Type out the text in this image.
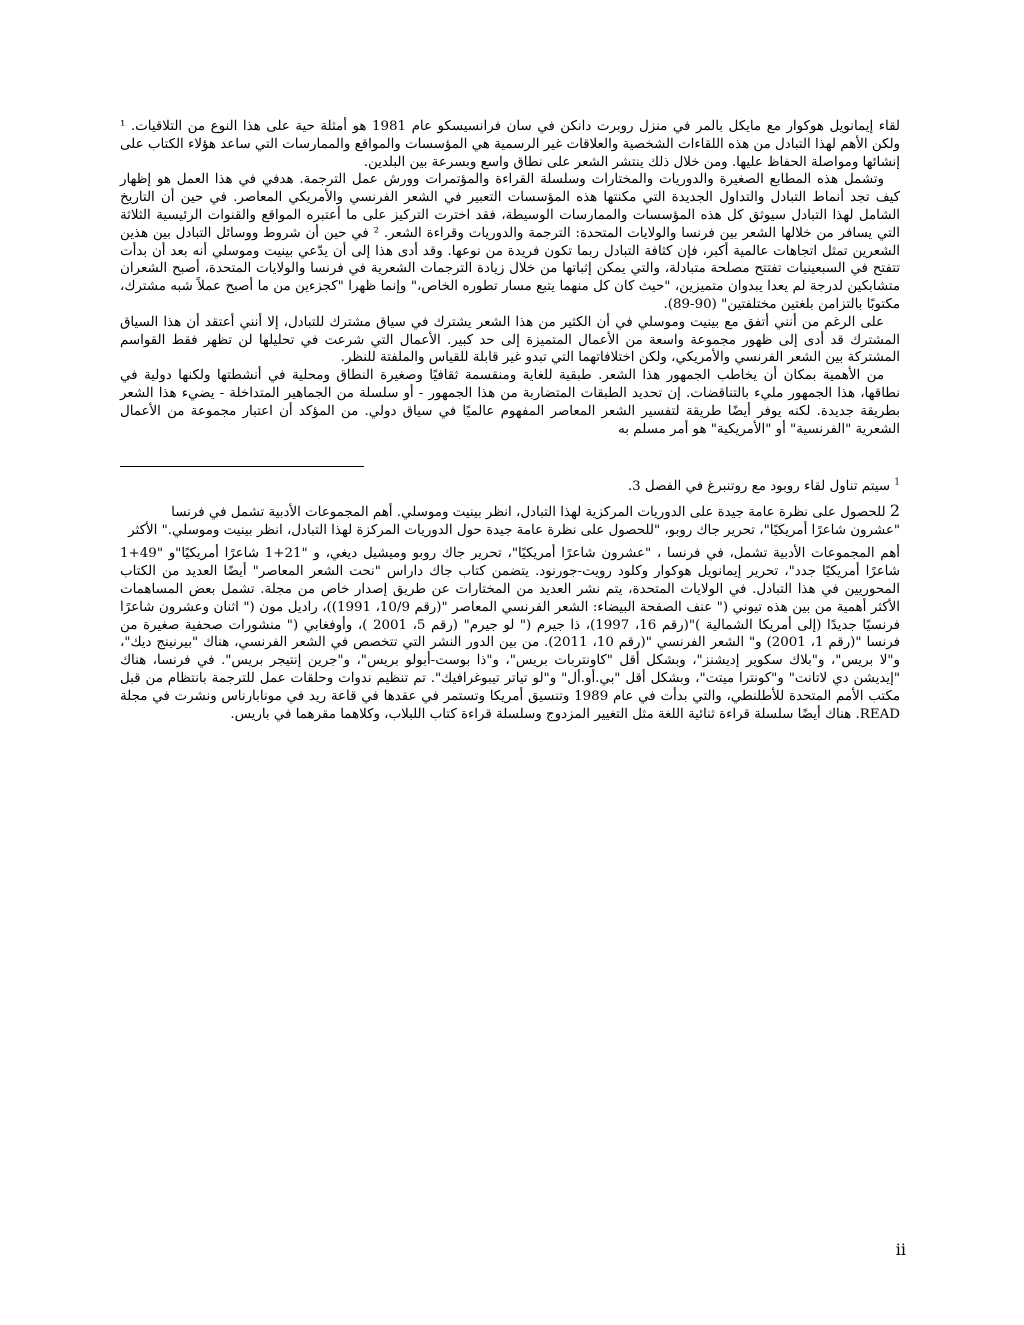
لقاء إيمانويل هوكوار مع مايكل بالمر في منزل روبرت دانكن في سان فرانسيسكو عام 1981 هو أمثلة حية على هذا النوع من التلاقيات. ¹ ولكن الأهم لهذا التبادل من هذه اللقاءات الشخصية والعلاقات غير الرسمية هي المؤسسات والمواقع والممارسات التي ساعد هؤلاء الكتاب على إنشائها ومواصلة الحفاظ عليها. ومن خلال ذلك ينتشر الشعر على نطاق واسع وبسرعة بين البلدين.

وتشمل هذه المطابع الصغيرة والدوريات والمختارات وسلسلة القراءة والمؤتمرات وورش عمل الترجمة. هدفي في هذا العمل هو إظهار كيف تجد أنماط التبادل والتداول الجديدة التي مكنتها هذه المؤسسات التعبير في الشعر الفرنسي والأمريكي المعاصر. في حين أن التاريخ الشامل لهذا التبادل سيوثق كل هذه المؤسسات والممارسات الوسيطة، فقد اخترت التركيز على ما أعتبره المواقع والقنوات الرئيسية الثلاثة التي يسافر من خلالها الشعر بين فرنسا والولايات المتحدة: الترجمة والدوريات وقراءة الشعر. ² في حين أن شروط ووسائل التبادل بين هذين الشعرين تمثل اتجاهات عالمية أكبر، فإن كثافة التبادل ربما تكون فريدة من نوعها. وقد أدى هذا إلى أن يدّعي بينيت وموسلي أنه بعد أن بدأت تتفتح في السبعينيات تفتتح مصلحة متبادلة، والتي يمكن إثباتها من خلال زيادة الترجمات الشعرية في فرنسا والولايات المتحدة، أصبح الشعران متشابكين لدرجة لم يعدا يبدوان متميزين، "حيث كان كل منهما يتبع مسار تطوره الخاص،" وإنما ظهرا "كجزءين من ما أصبح عملاً شبه مشترك، مكتوبًا بالتزامن بلغتين مختلفتين" (90-89).

على الرغم من أنني أتفق مع بينيت وموسلي في أن الكثير من هذا الشعر يشترك في سياق مشترك للتبادل، إلا أنني أعتقد أن هذا السياق المشترك قد أدى إلى ظهور مجموعة واسعة من الأعمال المتميزة إلى حد كبير. الأعمال التي شرعت في تحليلها لن تظهر فقط القواسم المشتركة بين الشعر الفرنسي والأمريكي، ولكن اختلافاتهما التي تبدو غير قابلة للقياس والملفتة للنظر.

من الأهمية بمكان أن يخاطب الجمهور هذا الشعر. طبقية للغاية ومنقسمة ثقافيًا وصغيرة النطاق ومحلية في أنشطتها ولكنها دولية في نطاقها، هذا الجمهور مليء بالتناقضات. إن تحديد الطبقات المتضاربة من هذا الجمهور - أو سلسلة من الجماهير المتداخلة - يضيء هذا الشعر بطريقة جديدة. لكنه يوفر أيضًا طريقة لتفسير الشعر المعاصر المفهوم عالميًا في سياق دولي. من المؤكد أن اعتبار مجموعة من الأعمال الشعرية "الفرنسية" أو "الأمريكية" هو أمر مسلم به

$^1$ سيتم تناول لقاء روبود مع روتنبرغ في الفصل 3.

2 للحصول على نظرة عامة جيدة على الدوريات المركزية لهذا التبادل، انظر بينيت وموسلي. أهم المجموعات الأدبية تشمل في فرنسا
"عشرون شاعرًا أمريكيًا"، تحرير جاك روبو، "للحصول على نظرة عامة جيدة حول الدوريات المركزة لهذا التبادل، انظر بينيت وموسلي." الأكثر

أهم المجموعات الأدبية تشمل، في فرنسا ، "عشرون شاعرًا أمريكيًا"، تحرير جاك روبو وميشيل ديغي، و "21+1 شاعرًا أمريكيًا"و "49+1 شاعرًا أمريكيًا جدد"، تحرير إيمانويل هوكوار وكلود رويت-جورنود. يتضمن كتاب جاك داراس "نحت الشعر المعاصر" أيضًا العديد من الكتاب المحوريين في هذا التبادل. في الولايات المتحدة، يتم نشر العديد من المختارات عن طريق إصدار خاص من مجلة. تشمل بعض المساهمات الأكثر أهمية من بين هذه تيوني (" عنف الصفحة البيضاء: الشعر الفرنسي المعاصر "(رقم 10/9، 1991))، راديل مون (" اثنان وعشرون شاعرًا فرنسيًا جديدًا (إلى أمريكا الشمالية )"(رقم 16، 1997)، ذا جيرم (" لو جيرم" (رقم 5، 2001 )، وأوفغابي (" منشورات صحفية صغيرة من فرنسا "(رقم 1، 2001) و" الشعر الفرنسي "(رقم 10، 2011). من بين الدور النشر التي تتخصص في الشعر الفرنسي، هناك "بيرنينج ديك"، و"لا بريس"، و"بلاك سكوير إديشنز"، وبشكل أقل "كاونتربات بريس"، و"ذا بوست-أبولو بريس"، و"جرين إنتيجر بريس". في فرنسا، هناك "إيديشن دي لاتانت" و"كونترا ميتت"، وبشكل أقل "بي.أو.أل" و"لو تياتر تيبوغرافيك". تم تنظيم ندوات وحلقات عمل للترجمة بانتظام من قبل مكتب الأمم المتحدة للأطلنطي، والتي بدأت في عام 1989 وتنسيق أمريكا وتستمر في عقدها في قاعة ريد في مونابارناس ونشرت في مجلة READ. هناك أيضًا سلسلة قراءة ثنائية اللغة مثل التغيير المزدوج وسلسلة قراءة كتاب اللبلاب، وكلاهما مقرهما في باريس.

ii
